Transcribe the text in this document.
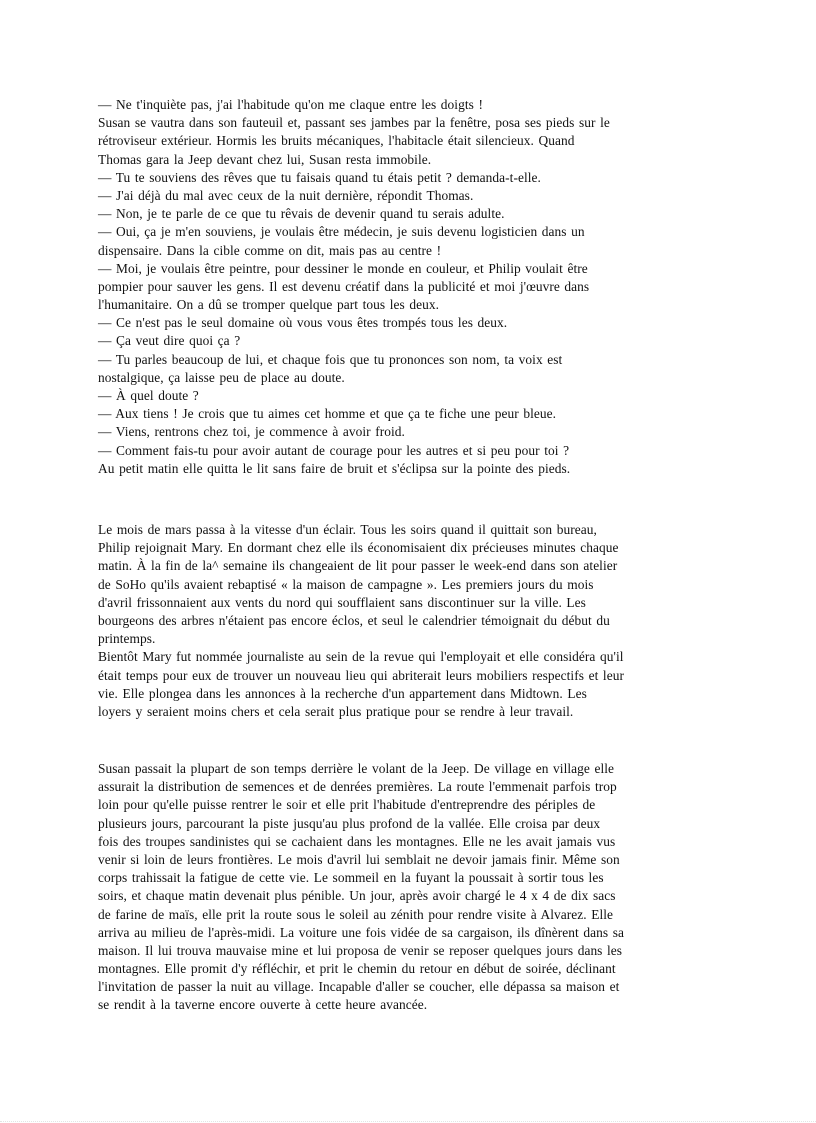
— Ne t'inquiète pas, j'ai l'habitude qu'on me claque entre les doigts !
Susan se vautra dans son fauteuil et, passant ses jambes par la fenêtre, posa ses pieds sur le
rétroviseur extérieur. Hormis les bruits mécaniques, l'habitacle était silencieux. Quand
Thomas gara la Jeep devant chez lui, Susan resta immobile.
— Tu te souviens des rêves que tu faisais quand tu étais petit ? demanda-t-elle.
— J'ai déjà du mal avec ceux de la nuit dernière, répondit Thomas.
— Non, je te parle de ce que tu rêvais de devenir quand tu serais adulte.
— Oui, ça je m'en souviens, je voulais être médecin, je suis devenu logisticien dans un
dispensaire. Dans la cible comme on dit, mais pas au centre !
— Moi, je voulais être peintre, pour dessiner le monde en couleur, et Philip voulait être
pompier pour sauver les gens. Il est devenu créatif dans la publicité et moi j'œuvre dans
l'humanitaire. On a dû se tromper quelque part tous les deux.
— Ce n'est pas le seul domaine où vous vous êtes trompés tous les deux.
— Ça veut dire quoi ça ?
— Tu parles beaucoup de lui, et chaque fois que tu prononces son nom, ta voix est
nostalgique, ça laisse peu de place au doute.
— À quel doute ?
— Aux tiens ! Je crois que tu aimes cet homme et que ça te fiche une peur bleue.
— Viens, rentrons chez toi, je commence à avoir froid.
— Comment fais-tu pour avoir autant de courage pour les autres et si peu pour toi ?
Au petit matin elle quitta le lit sans faire de bruit et s'éclipsa sur la pointe des pieds.
Le mois de mars passa à la vitesse d'un éclair. Tous les soirs quand il quittait son bureau,
Philip rejoignait Mary. En dormant chez elle ils économisaient dix précieuses minutes chaque
matin. À la fin de la^ semaine ils changeaient de lit pour passer le week-end dans son atelier
de SoHo qu'ils avaient rebaptisé « la maison de campagne ». Les premiers jours du mois
d'avril frissonnaient aux vents du nord qui soufflaient sans discontinuer sur la ville. Les
bourgeons des arbres n'étaient pas encore éclos, et seul le calendrier témoignait du début du
printemps.
Bientôt Mary fut nommée journaliste au sein de la revue qui l'employait et elle considéra qu'il
était temps pour eux de trouver un nouveau lieu qui abriterait leurs mobiliers respectifs et leur
vie. Elle plongea dans les annonces à la recherche d'un appartement dans Midtown. Les
loyers y seraient moins chers et cela serait plus pratique pour se rendre à leur travail.
Susan passait la plupart de son temps derrière le volant de la Jeep. De village en village elle
assurait la distribution de semences et de denrées premières. La route l'emmenait parfois trop
loin pour qu'elle puisse rentrer le soir et elle prit l'habitude d'entreprendre des périples de
plusieurs jours, parcourant la piste jusqu'au plus profond de la vallée. Elle croisa par deux
fois des troupes sandinistes qui se cachaient dans les montagnes. Elle ne les avait jamais vus
venir si loin de leurs frontières. Le mois d'avril lui semblait ne devoir jamais finir. Même son
corps trahissait la fatigue de cette vie. Le sommeil en la fuyant la poussait à sortir tous les
soirs, et chaque matin devenait plus pénible. Un jour, après avoir chargé le 4 x 4 de dix sacs
de farine de maïs, elle prit la route sous le soleil au zénith pour rendre visite à Alvarez. Elle
arriva au milieu de l'après-midi. La voiture une fois vidée de sa cargaison, ils dînèrent dans sa
maison. Il lui trouva mauvaise mine et lui proposa de venir se reposer quelques jours dans les
montagnes. Elle promit d'y réfléchir, et prit le chemin du retour en début de soirée, déclinant
l'invitation de passer la nuit au village. Incapable d'aller se coucher, elle dépassa sa maison et
se rendit à la taverne encore ouverte à cette heure avancée.
